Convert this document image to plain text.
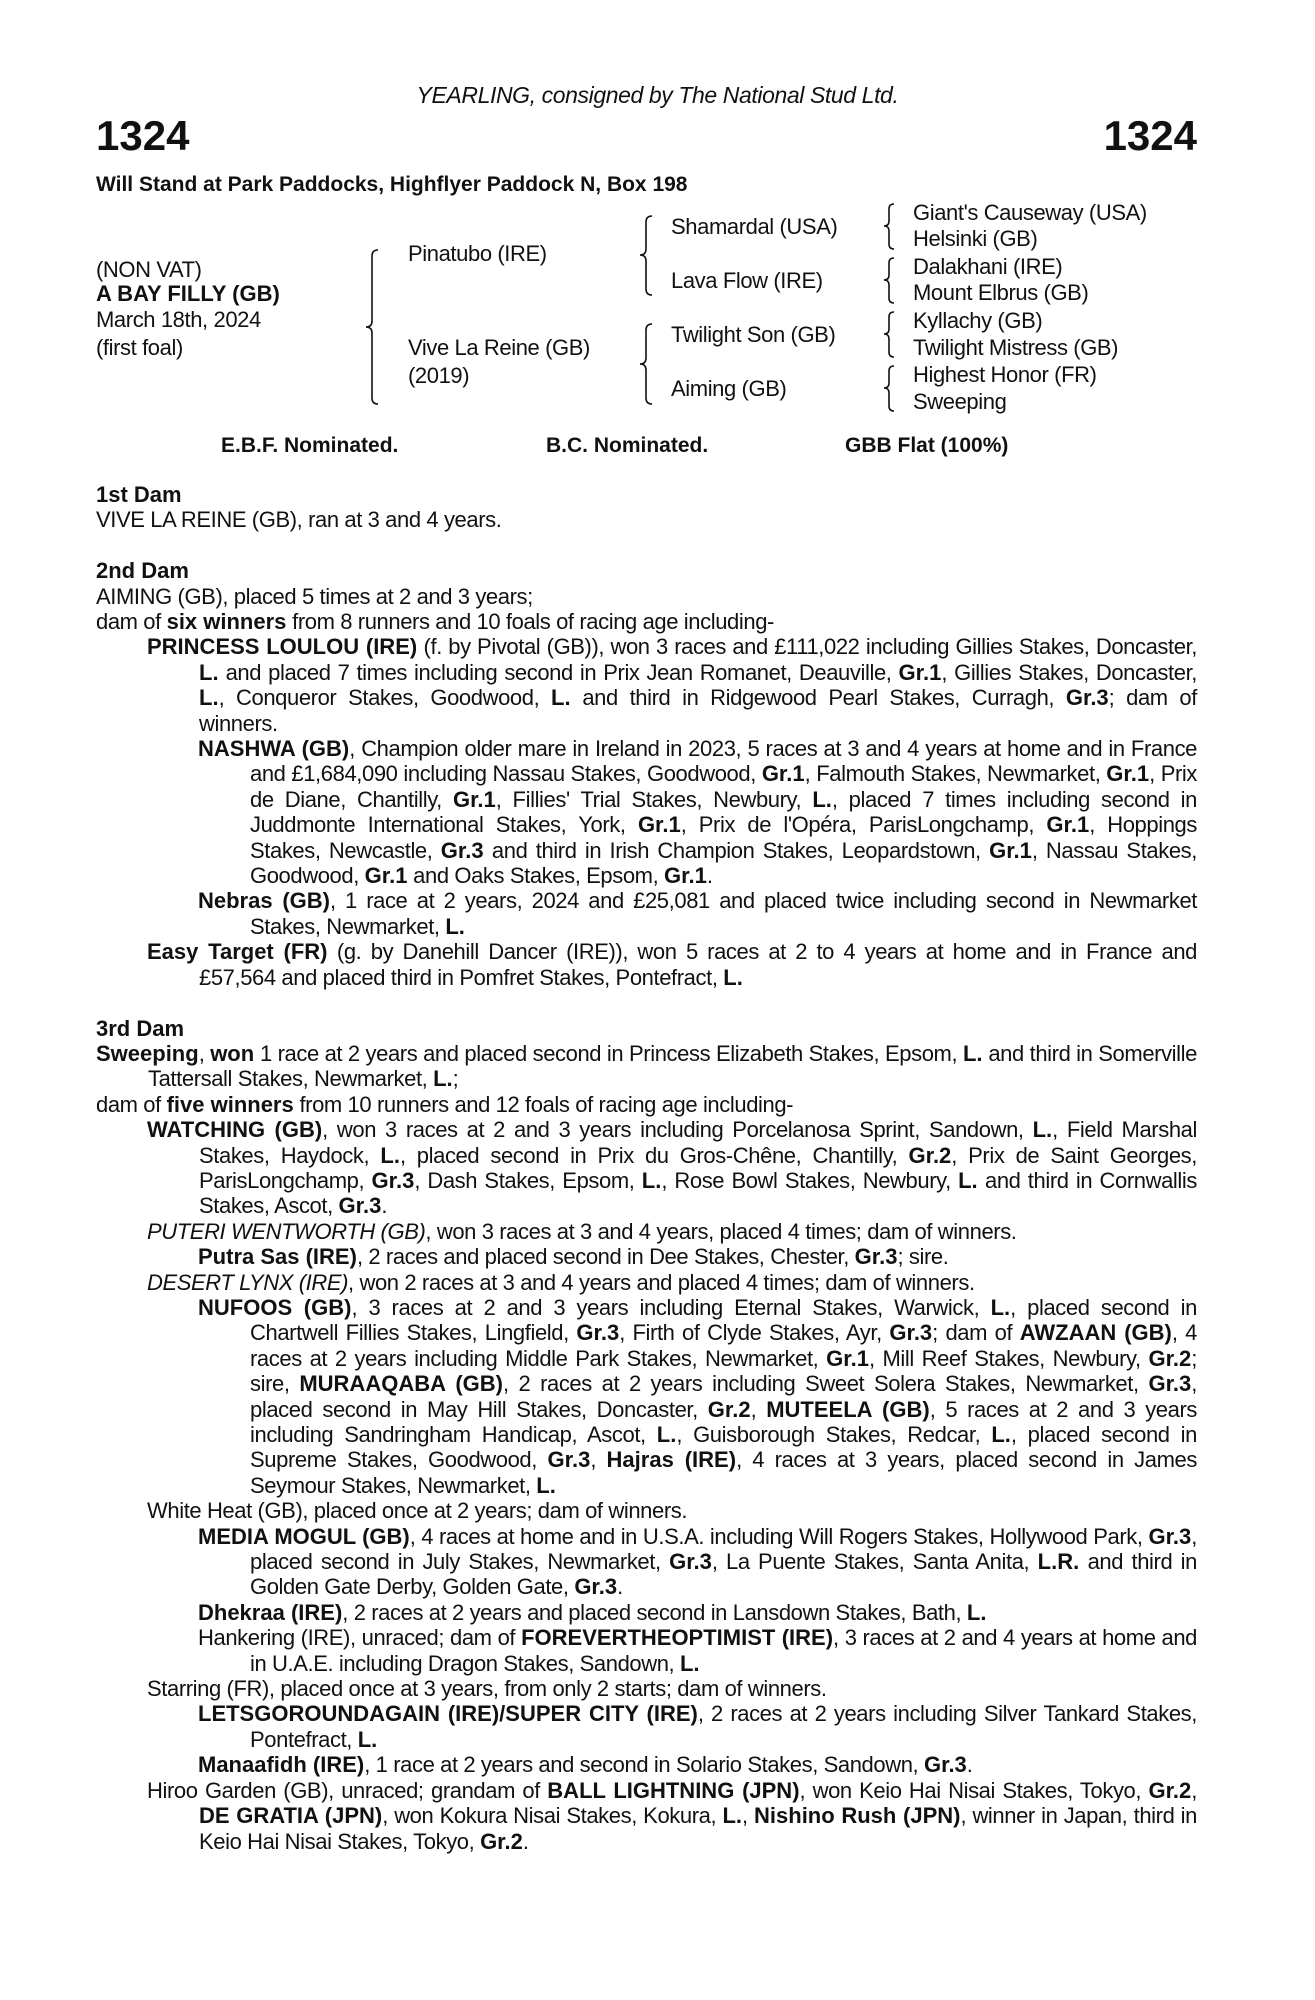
YEARLING, consigned by The National Stud Ltd.
1324	1324
Will Stand at Park Paddocks, Highflyer Paddock N, Box 198
(NON VAT)
A BAY FILLY (GB)
March 18th, 2024
(first foal)
Pinatubo (IRE)
Vive La Reine (GB)
(2019)
Shamardal (USA)
Lava Flow (IRE)
Twilight Son (GB)
Aiming (GB)
Giant's Causeway (USA)
Helsinki (GB)
Dalakhani (IRE)
Mount Elbrus (GB)
Kyllachy (GB)
Twilight Mistress (GB)
Highest Honor (FR)
Sweeping
E.B.F. Nominated.	B.C. Nominated.	GBB Flat (100%)
1st Dam
VIVE LA REINE (GB), ran at 3 and 4 years.
2nd Dam
AIMING (GB), placed 5 times at 2 and 3 years;
dam of six winners from 8 runners and 10 foals of racing age including-
PRINCESS LOULOU (IRE) (f. by Pivotal (GB)), won 3 races and £111,022 including Gillies Stakes, Doncaster, L. and placed 7 times including second in Prix Jean Romanet, Deauville, Gr.1, Gillies Stakes, Doncaster, L., Conqueror Stakes, Goodwood, L. and third in Ridgewood Pearl Stakes, Curragh, Gr.3; dam of winners.
NASHWA (GB), Champion older mare in Ireland in 2023, 5 races at 3 and 4 years at home and in France and £1,684,090 including Nassau Stakes, Goodwood, Gr.1, Falmouth Stakes, Newmarket, Gr.1, Prix de Diane, Chantilly, Gr.1, Fillies' Trial Stakes, Newbury, L., placed 7 times including second in Juddmonte International Stakes, York, Gr.1, Prix de l'Opéra, ParisLongchamp, Gr.1, Hoppings Stakes, Newcastle, Gr.3 and third in Irish Champion Stakes, Leopardstown, Gr.1, Nassau Stakes, Goodwood, Gr.1 and Oaks Stakes, Epsom, Gr.1.
Nebras (GB), 1 race at 2 years, 2024 and £25,081 and placed twice including second in Newmarket Stakes, Newmarket, L.
Easy Target (FR) (g. by Danehill Dancer (IRE)), won 5 races at 2 to 4 years at home and in France and £57,564 and placed third in Pomfret Stakes, Pontefract, L.
3rd Dam
Sweeping, won 1 race at 2 years and placed second in Princess Elizabeth Stakes, Epsom, L. and third in Somerville Tattersall Stakes, Newmarket, L.;
dam of five winners from 10 runners and 12 foals of racing age including-
WATCHING (GB), won 3 races at 2 and 3 years including Porcelanosa Sprint, Sandown, L., Field Marshal Stakes, Haydock, L., placed second in Prix du Gros-Chêne, Chantilly, Gr.2, Prix de Saint Georges, ParisLongchamp, Gr.3, Dash Stakes, Epsom, L., Rose Bowl Stakes, Newbury, L. and third in Cornwallis Stakes, Ascot, Gr.3.
PUTERI WENTWORTH (GB), won 3 races at 3 and 4 years, placed 4 times; dam of winners.
Putra Sas (IRE), 2 races and placed second in Dee Stakes, Chester, Gr.3; sire.
DESERT LYNX (IRE), won 2 races at 3 and 4 years and placed 4 times; dam of winners.
NUFOOS (GB), 3 races at 2 and 3 years including Eternal Stakes, Warwick, L., placed second in Chartwell Fillies Stakes, Lingfield, Gr.3, Firth of Clyde Stakes, Ayr, Gr.3; dam of AWZAAN (GB), 4 races at 2 years including Middle Park Stakes, Newmarket, Gr.1, Mill Reef Stakes, Newbury, Gr.2; sire, MURAAQABA (GB), 2 races at 2 years including Sweet Solera Stakes, Newmarket, Gr.3, placed second in May Hill Stakes, Doncaster, Gr.2, MUTEELA (GB), 5 races at 2 and 3 years including Sandringham Handicap, Ascot, L., Guisborough Stakes, Redcar, L., placed second in Supreme Stakes, Goodwood, Gr.3, Hajras (IRE), 4 races at 3 years, placed second in James Seymour Stakes, Newmarket, L.
White Heat (GB), placed once at 2 years; dam of winners.
MEDIA MOGUL (GB), 4 races at home and in U.S.A. including Will Rogers Stakes, Hollywood Park, Gr.3, placed second in July Stakes, Newmarket, Gr.3, La Puente Stakes, Santa Anita, L.R. and third in Golden Gate Derby, Golden Gate, Gr.3.
Dhekraa (IRE), 2 races at 2 years and placed second in Lansdown Stakes, Bath, L.
Hankering (IRE), unraced; dam of FOREVERTHEOPTIMIST (IRE), 3 races at 2 and 4 years at home and in U.A.E. including Dragon Stakes, Sandown, L.
Starring (FR), placed once at 3 years, from only 2 starts; dam of winners.
LETSGOROUNDAGAIN (IRE)/SUPER CITY (IRE), 2 races at 2 years including Silver Tankard Stakes, Pontefract, L.
Manaafidh (IRE), 1 race at 2 years and second in Solario Stakes, Sandown, Gr.3.
Hiroo Garden (GB), unraced; grandam of BALL LIGHTNING (JPN), won Keio Hai Nisai Stakes, Tokyo, Gr.2, DE GRATIA (JPN), won Kokura Nisai Stakes, Kokura, L., Nishino Rush (JPN), winner in Japan, third in Keio Hai Nisai Stakes, Tokyo, Gr.2.
